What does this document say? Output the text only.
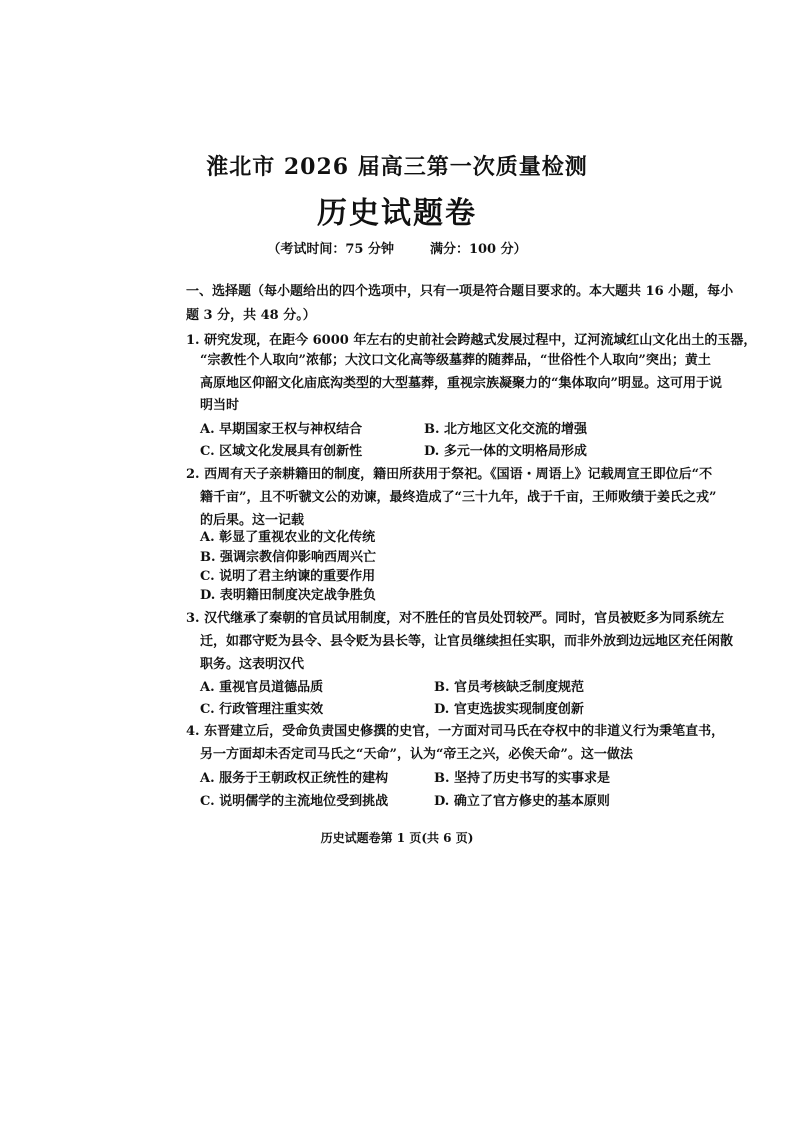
淮北市 2026 届高三第一次质量检测
历史试题卷
（考试时间：75 分钟	满分：100 分）
一、选择题（每小题给出的四个选项中，只有一项是符合题目要求的。本大题共 16 小题，每小
题 3 分，共 48 分。）
1. 研究发现，在距今 6000 年左右的史前社会跨越式发展过程中，辽河流域红山文化出土的玉器，
“宗教性个人取向”浓郁；大汶口文化高等级墓葬的随葬品，“世俗性个人取向”突出；黄土
高原地区仰韶文化庙底沟类型的大型墓葬，重视宗族凝聚力的“集体取向”明显。这可用于说
明当时
A. 早期国家王权与神权结合	B. 北方地区文化交流的增强
C. 区域文化发展具有创新性	D. 多元一体的文明格局形成
2. 西周有天子亲耕籍田的制度，籍田所获用于祭祀。《国语・周语上》记载周宣王即位后“不
籍千亩”，且不听虢文公的劝谏，最终造成了“三十九年，战于千亩，王师败绩于姜氏之戎”
的后果。这一记载
A. 彰显了重视农业的文化传统
B. 强调宗教信仰影响西周兴亡
C. 说明了君主纳谏的重要作用
D. 表明籍田制度决定战争胜负
3. 汉代继承了秦朝的官员试用制度，对不胜任的官员处罚较严。同时，官员被贬多为同系统左
迁，如郡守贬为县令、县令贬为县长等，让官员继续担任实职，而非外放到边远地区充任闲散
职务。这表明汉代
A. 重视官员道德品质	B. 官员考核缺乏制度规范
C. 行政管理注重实效	D. 官吏选拔实现制度创新
4. 东晋建立后，受命负责国史修撰的史官，一方面对司马氏在夺权中的非道义行为秉笔直书，
另一方面却未否定司马氏之“天命”，认为“帝王之兴，必俟天命”。这一做法
A. 服务于王朝政权正统性的建构	B. 坚持了历史书写的实事求是
C. 说明儒学的主流地位受到挑战	D. 确立了官方修史的基本原则
历史试题卷第 1 页(共 6 页)
